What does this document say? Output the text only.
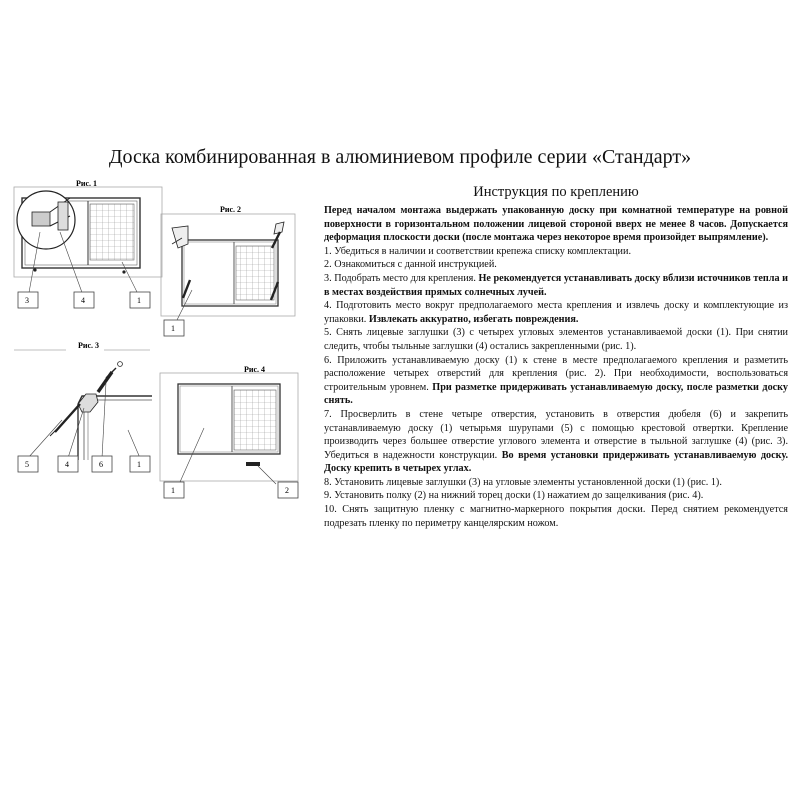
Доска комбинированная в алюминиевом профиле серии «Стандарт»
Рис. 1
3	4	1
Рис. 2
1
Рис. 3
5	4	6	1
Рис. 4
1	2
Инструкция по креплению

Перед началом монтажа выдержать упакованную доску при комнатной температуре на ровной поверхности в горизонтальном положении лицевой стороной вверх не менее 8 часов. Допускается деформация плоскости доски (после монтажа через некоторое время произойдет выпрямление).

1. Убедиться в наличии и соответствии крепежа списку комплектации.

2. Ознакомиться с данной инструкцией.

3. Подобрать место для крепления. Не рекомендуется устанавливать доску вблизи источников тепла и в местах воздействия прямых солнечных лучей.

4. Подготовить место вокруг предполагаемого места крепления и извлечь доску и комплектующие из упаковки. Извлекать аккуратно, избегать повреждения.

5. Снять лицевые заглушки (3) с четырех угловых элементов устанавливаемой доски (1). При снятии следить, чтобы тыльные заглушки (4) остались закрепленными (рис. 1).

6. Приложить устанавливаемую доску (1) к стене в месте предполагаемого крепления и разметить расположение четырех отверстий для крепления (рис. 2). При необходимости, воспользоваться строительным уровнем. При разметке придерживать устанавливаемую доску, после разметки доску снять.

7. Просверлить в стене четыре отверстия, установить в отверстия дюбеля (6) и закрепить устанавливаемую доску (1) четырьмя шурупами (5) с помощью крестовой отвертки. Крепление производить через большее отверстие углового элемента и отверстие в тыльной заглушке (4) (рис. 3). Убедиться в надежности конструкции. Во время установки придерживать устанавливаемую доску. Доску крепить в четырех углах.

8. Установить лицевые заглушки (3) на угловые элементы установленной доски (1) (рис. 1).

9. Установить полку (2) на нижний торец доски (1) нажатием до защелкивания (рис. 4).

10. Снять защитную пленку с магнитно-маркерного покрытия доски. Перед снятием рекомендуется подрезать пленку по периметру канцелярским ножом.
